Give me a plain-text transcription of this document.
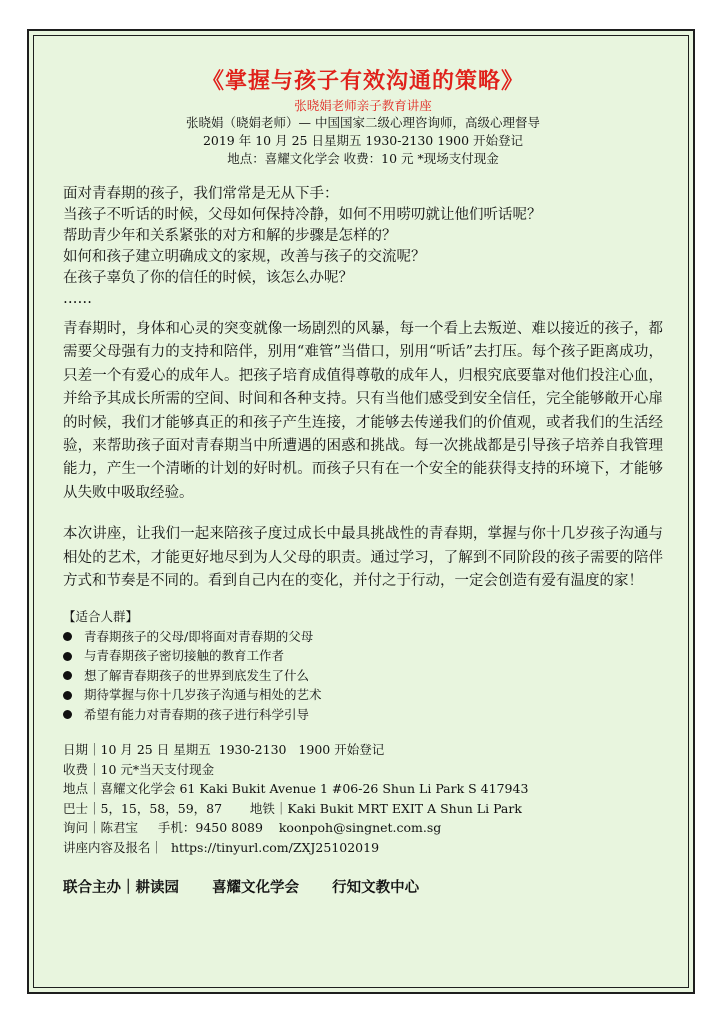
《掌握与孩子有效沟通的策略》
张晓娟老师亲子教育讲座
张晓娟（晓娟老师）— 中国国家二级心理咨询师，高级心理督导
2019 年 10 月 25 日星期五 1930-2130 1900 开始登记
地点：喜耀文化学会 收费：10 元 *现场支付现金
面对青春期的孩子，我们常常是无从下手：
当孩子不听话的时候，父母如何保持冷静，如何不用唠叨就让他们听话呢？
帮助青少年和关系紧张的对方和解的步骤是怎样的？
如何和孩子建立明确成文的家规，改善与孩子的交流呢？
在孩子辜负了你的信任的时候，该怎么办呢？
……
青春期时，身体和心灵的突变就像一场剧烈的风暴，每一个看上去叛逆、难以接近的孩子，都需要父母强有力的支持和陪伴，别用“难管”当借口，别用“听话”去打压。每个孩子距离成功，只差一个有爱心的成年人。把孩子培育成值得尊敬的成年人，归根究底要靠对他们投注心血，并给予其成长所需的空间、时间和各种支持。只有当他们感受到安全信任，完全能够敞开心扉的时候，我们才能够真正的和孩子产生连接，才能够去传递我们的价值观，或者我们的生活经验，来帮助孩子面对青春期当中所遭遇的困惑和挑战。每一次挑战都是引导孩子培养自我管理能力，产生一个清晰的计划的好时机。而孩子只有在一个安全的能获得支持的环境下，才能够从失败中吸取经验。
本次讲座，让我们一起来陪孩子度过成长中最具挑战性的青春期，掌握与你十几岁孩子沟通与相处的艺术，才能更好地尽到为人父母的职责。通过学习，了解到不同阶段的孩子需要的陪伴方式和节奏是不同的。看到自己内在的变化，并付之于行动，一定会创造有爱有温度的家！
【适合人群】
青春期孩子的父母/即将面对青春期的父母
与青春期孩子密切接触的教育工作者
想了解青春期孩子的世界到底发生了什么
期待掌握与你十几岁孩子沟通与相处的艺术
希望有能力对青春期的孩子进行科学引导
日期｜10 月 25 日 星期五  1930-2130   1900 开始登记
收费｜10 元*当天支付现金
地点｜喜耀文化学会 61 Kaki Bukit Avenue 1 #06-26 Shun Li Park S 417943
巴士｜5，15，58，59，87       地铁｜Kaki Bukit MRT EXIT A Shun Li Park
询问｜陈君宝     手机：9450 8089    koonpoh@singnet.com.sg
讲座内容及报名｜  https://tinyurl.com/ZXJ25102019
联合主办｜耕读园 喜耀文化学会 行知文教中心
